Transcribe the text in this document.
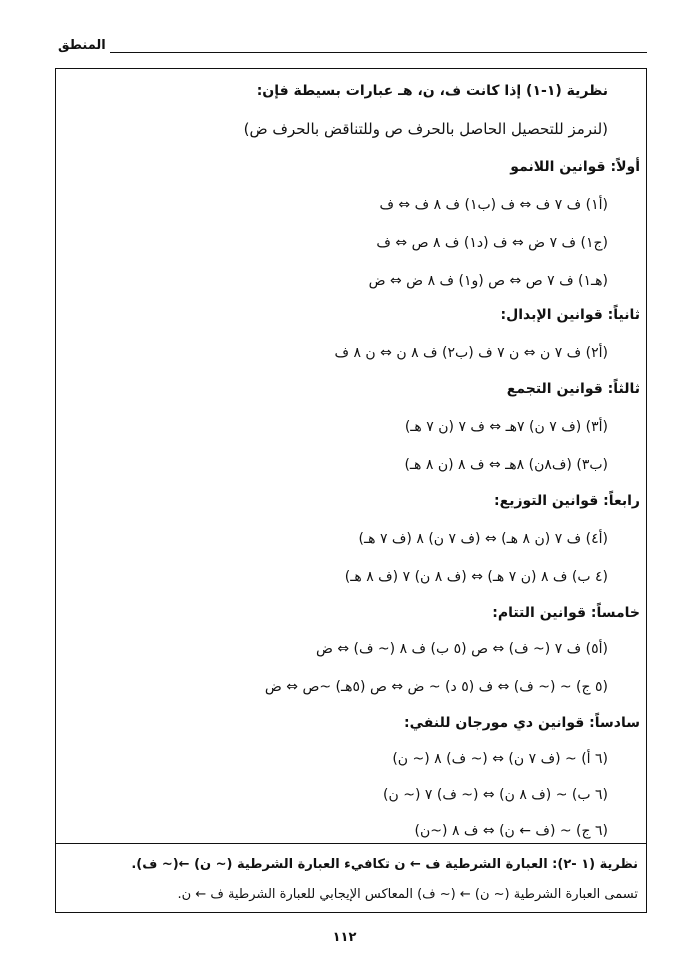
المنطق
نظرية (١-١) إذا كانت ف، ن، هـ عبارات بسيطة فإن:
(لنرمز للتحصيل الحاصل بالحرف ص وللتناقض بالحرف ض)
أولاً: قوانين اللانمو
(أ١) ف ٧ ف ⇔ ف (ب١) ف ٨ ف ⇔ ف
(ج١) ف ٧ ض ⇔ ف (د١) ف ٨ ص ⇔ ف
(هـ١) ف ٧ ص ⇔ ص (و١) ف ٨ ض ⇔ ض
ثانياً: قوانين الإبدال:
(أ٢) ف ٧ ن ⇔ ن ٧ ف (ب٢) ف ٨ ن ⇔ ن ٨ ف
ثالثاً: قوانين التجمع
(أ٣) (ف ٧ ن) ٧هـ ⇔ ف ٧ (ن ٧ هـ)
(ب٣) (ف٨ن) ٨هـ ⇔ ف ٨ (ن ٨ هـ)
رابعاً: قوانين التوزيع:
(أ٤) ف ٧ (ن ٨ هـ) ⇔ (ف ٧ ن) ٨ (ف ٧ هـ)
(٤ ب) ف ٨ (ن ٧ هـ) ⇔ (ف ٨ ن) ٧ (ف ٨ هـ)
خامساً: قوانين التتام:
(أ٥) ف ٧ (~ ف) ⇔ ص (٥ ب) ف ٨ (~ ف) ⇔ ض
(٥ ج) ~ (~ ف) ⇔ ف (٥ د) ~ ض ⇔ ص (٥هـ) ~ص ⇔ ض
سادساً: قوانين دي مورجان للنفي:
(٦ أ) ~ (ف ٧ ن) ⇔ (~ ف) ٨ (~ ن)
(٦ ب) ~ (ف ٨ ن) ⇔ (~ ف) ٧ (~ ن)
(٦ ج) ~ (ف ← ن) ⇔ ف ٨ (~ن)
نظرية (١ -٢): العبارة الشرطية ف ← ن تكافيء العبارة الشرطية (~ ن) ←(~ ف).
تسمى العبارة الشرطية (~ ن) ← (~ ف) المعاكس الإيجابي للعبارة الشرطية ف ← ن.
١١٢
